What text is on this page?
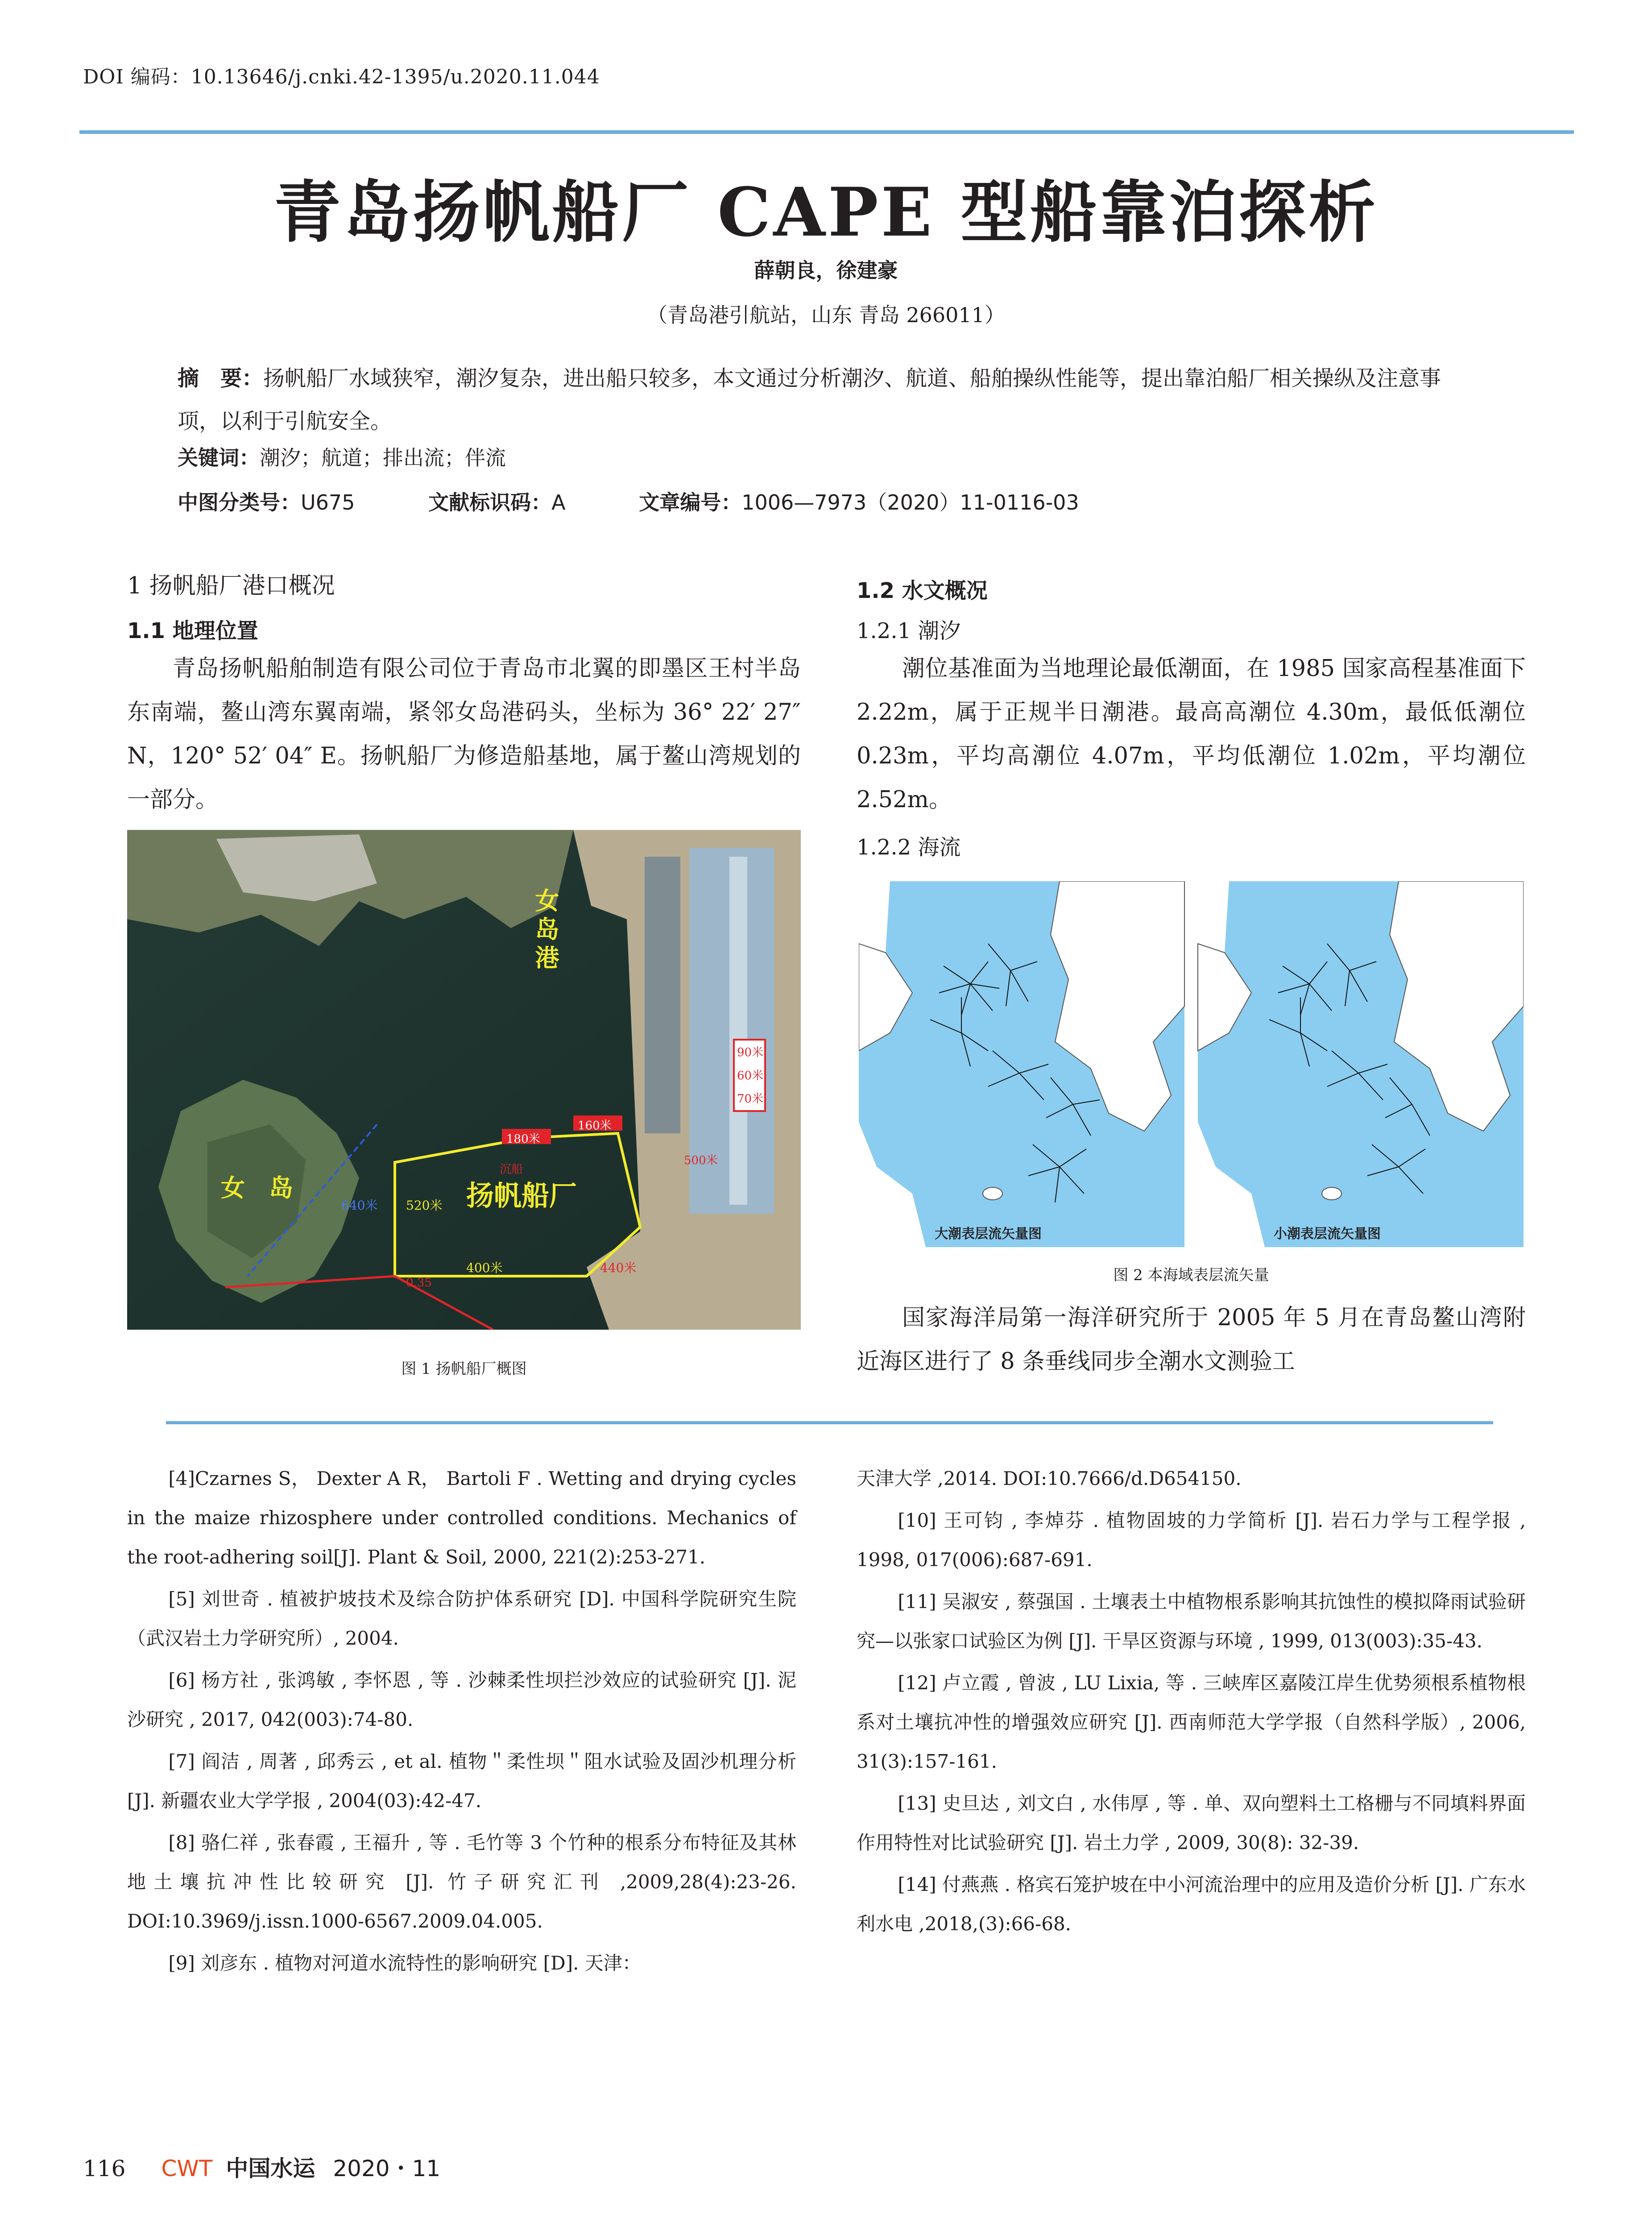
DOI 编码：10.13646/j.cnki.42-1395/u.2020.11.044
青岛扬帆船厂 CAPE 型船靠泊探析
薛朝良，徐建豪
（青岛港引航站，山东 青岛 266011）
摘　要：扬帆船厂水域狭窄，潮汐复杂，进出船只较多，本文通过分析潮汐、航道、船舶操纵性能等，提出靠泊船厂相关操纵及注意事项，以利于引航安全。
关键词：潮汐；航道；排出流；伴流
中图分类号：U675	文献标识码：A	文章编号：1006—7973（2020）11-0116-03
1 扬帆船厂港口概况
1.1 地理位置
青岛扬帆船舶制造有限公司位于青岛市北翼的即墨区王村半岛东南端，鳌山湾东翼南端，紧邻女岛港码头，坐标为 36° 22′ 27″ N，120° 52′ 04″ E。扬帆船厂为修造船基地，属于鳌山湾规划的一部分。
女岛港
女　岛	扬帆船厂
520米
640米
400米	440米
180米
160米
500米
90米
60米
70米
0.35
沉船
图 1 扬帆船厂概图
1.2 水文概况
1.2.1 潮汐
潮位基准面为当地理论最低潮面，在 1985 国家高程基准面下 2.22m，属于正规半日潮港。最高高潮位 4.30m，最低低潮位 0.23m，平均高潮位 4.07m，平均低潮位 1.02m，平均潮位 2.52m。
1.2.2 海流
大潮表层流矢量图	小潮表层流矢量图
图 2 本海域表层流矢量
国家海洋局第一海洋研究所于 2005 年 5 月在青岛鳌山湾附近海区进行了 8 条垂线同步全潮水文测验工

[4]Czarnes S， Dexter A R， Bartoli F . Wetting and drying cycles in the maize rhizosphere under controlled conditions. Mechanics of the root-adhering soil[J]. Plant & Soil, 2000, 221(2):253-271.

[5] 刘世奇 . 植被护坡技术及综合防护体系研究 [D]. 中国科学院研究生院（武汉岩土力学研究所）, 2004.

[6] 杨方社 , 张鸿敏 , 李怀恩 , 等 . 沙棘柔性坝拦沙效应的试验研究 [J]. 泥沙研究 , 2017, 042(003):74-80.

[7] 阎洁 , 周著 , 邱秀云 , et al. 植物＂柔性坝＂阻水试验及固沙机理分析 [J]. 新疆农业大学学报 , 2004(03):42-47.

[8] 骆仁祥 , 张春霞 , 王福升 , 等 . 毛竹等 3 个竹种的根系分布特征及其林地土壤抗冲性比较研究 [J]. 竹子研究汇刊 ,2009,28(4):23-26. DOI:10.3969/j.issn.1000-6567.2009.04.005.

[9] 刘彦东 . 植物对河道水流特性的影响研究 [D]. 天津：

天津大学 ,2014. DOI:10.7666/d.D654150.

[10] 王可钧 , 李焯芬 . 植物固坡的力学简析 [J]. 岩石力学与工程学报 , 1998, 017(006):687-691.

[11] 吴淑安 , 蔡强国 . 土壤表土中植物根系影响其抗蚀性的模拟降雨试验研究—以张家口试验区为例 [J]. 干旱区资源与环境 , 1999, 013(003):35-43.

[12] 卢立霞 , 曾波 , LU Lixia, 等 . 三峡库区嘉陵江岸生优势须根系植物根系对土壤抗冲性的增强效应研究 [J]. 西南师范大学学报（自然科学版）, 2006, 31(3):157-161.

[13] 史旦达 , 刘文白 , 水伟厚 , 等 . 单、双向塑料土工格栅与不同填料界面作用特性对比试验研究 [J]. 岩土力学 , 2009, 30(8): 32-39.

[14] 付燕燕 . 格宾石笼护坡在中小河流治理中的应用及造价分析 [J]. 广东水利水电 ,2018,(3):66-68.

116 CWT 中国水运 2020・11
